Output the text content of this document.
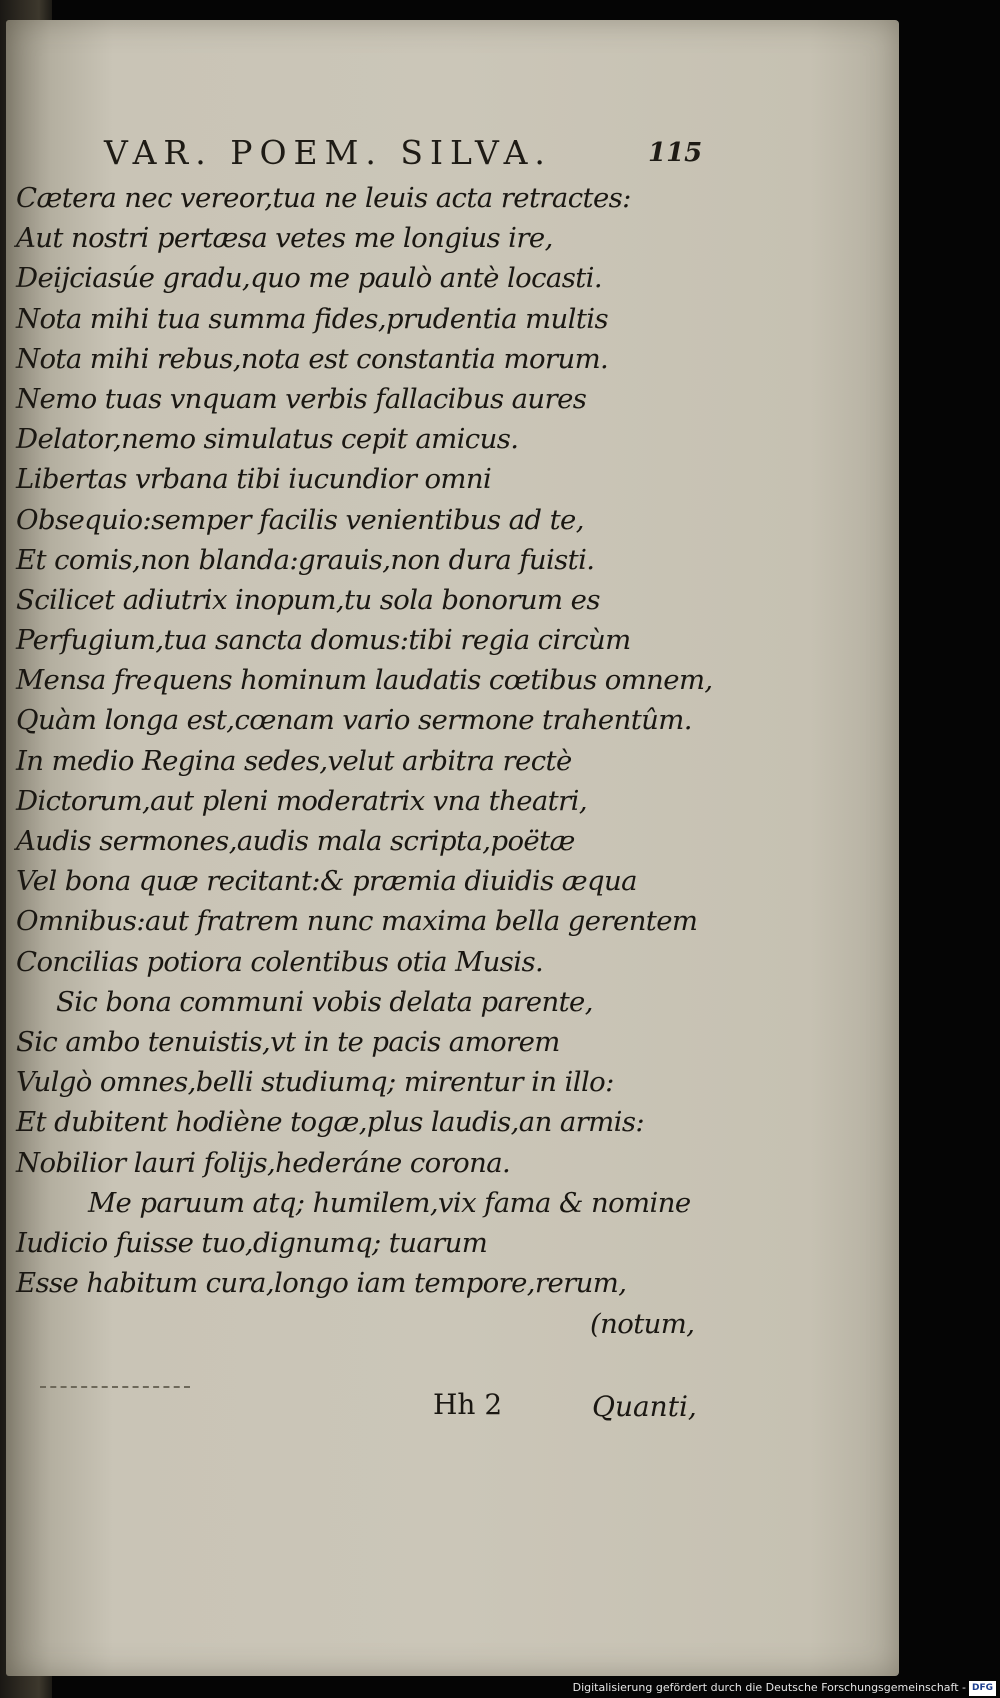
VAR. POEM. SILVA.	115
Cætera nec vereor,tua ne leuis acta retractes:
Aut nostri pertæsa vetes me longius ire,
Deijciasúe gradu,quo me paulò antè locasti.
Nota mihi tua summa fides,prudentia multis
Nota mihi rebus,nota est constantia morum.
Nemo tuas vnquam verbis fallacibus aures
Delator,nemo simulatus cepit amicus.
Libertas vrbana tibi iucundior omni
Obsequio:semper facilis venientibus ad te,
Et comis,non blanda:grauis,non dura fuisti.
Scilicet adiutrix inopum,tu sola bonorum es
Perfugium,tua sancta domus:tibi regia circùm
Mensa frequens hominum laudatis cœtibus omnem,
Quàm longa est,cœnam vario sermone trahentûm.
In medio Regina sedes,velut arbitra rectè
Dictorum,aut pleni moderatrix vna theatri,
Audis sermones,audis mala scripta,poëtæ
Vel bona quæ recitant:& præmia diuidis æqua
Omnibus:aut fratrem nunc maxima bella gerentem
Concilias potiora colentibus otia Musis.
Sic bona communi vobis delata parente,
Sic ambo tenuistis,vt in te pacis amorem
Vulgò omnes,belli studiumq; mirentur in illo:
Et dubitent hodiène togæ,plus laudis,an armis:
Nobilior lauri folijs,hederáne corona.
Me paruum atq; humilem,vix fama & nomine
Iudicio fuisse tuo,dignumq; tuarum
Esse habitum cura,longo iam tempore,rerum,
(notum,
Hh 2	Quanti,
Digitalisierung gefördert durch die Deutsche Forschungsgemeinschaft - DFG
